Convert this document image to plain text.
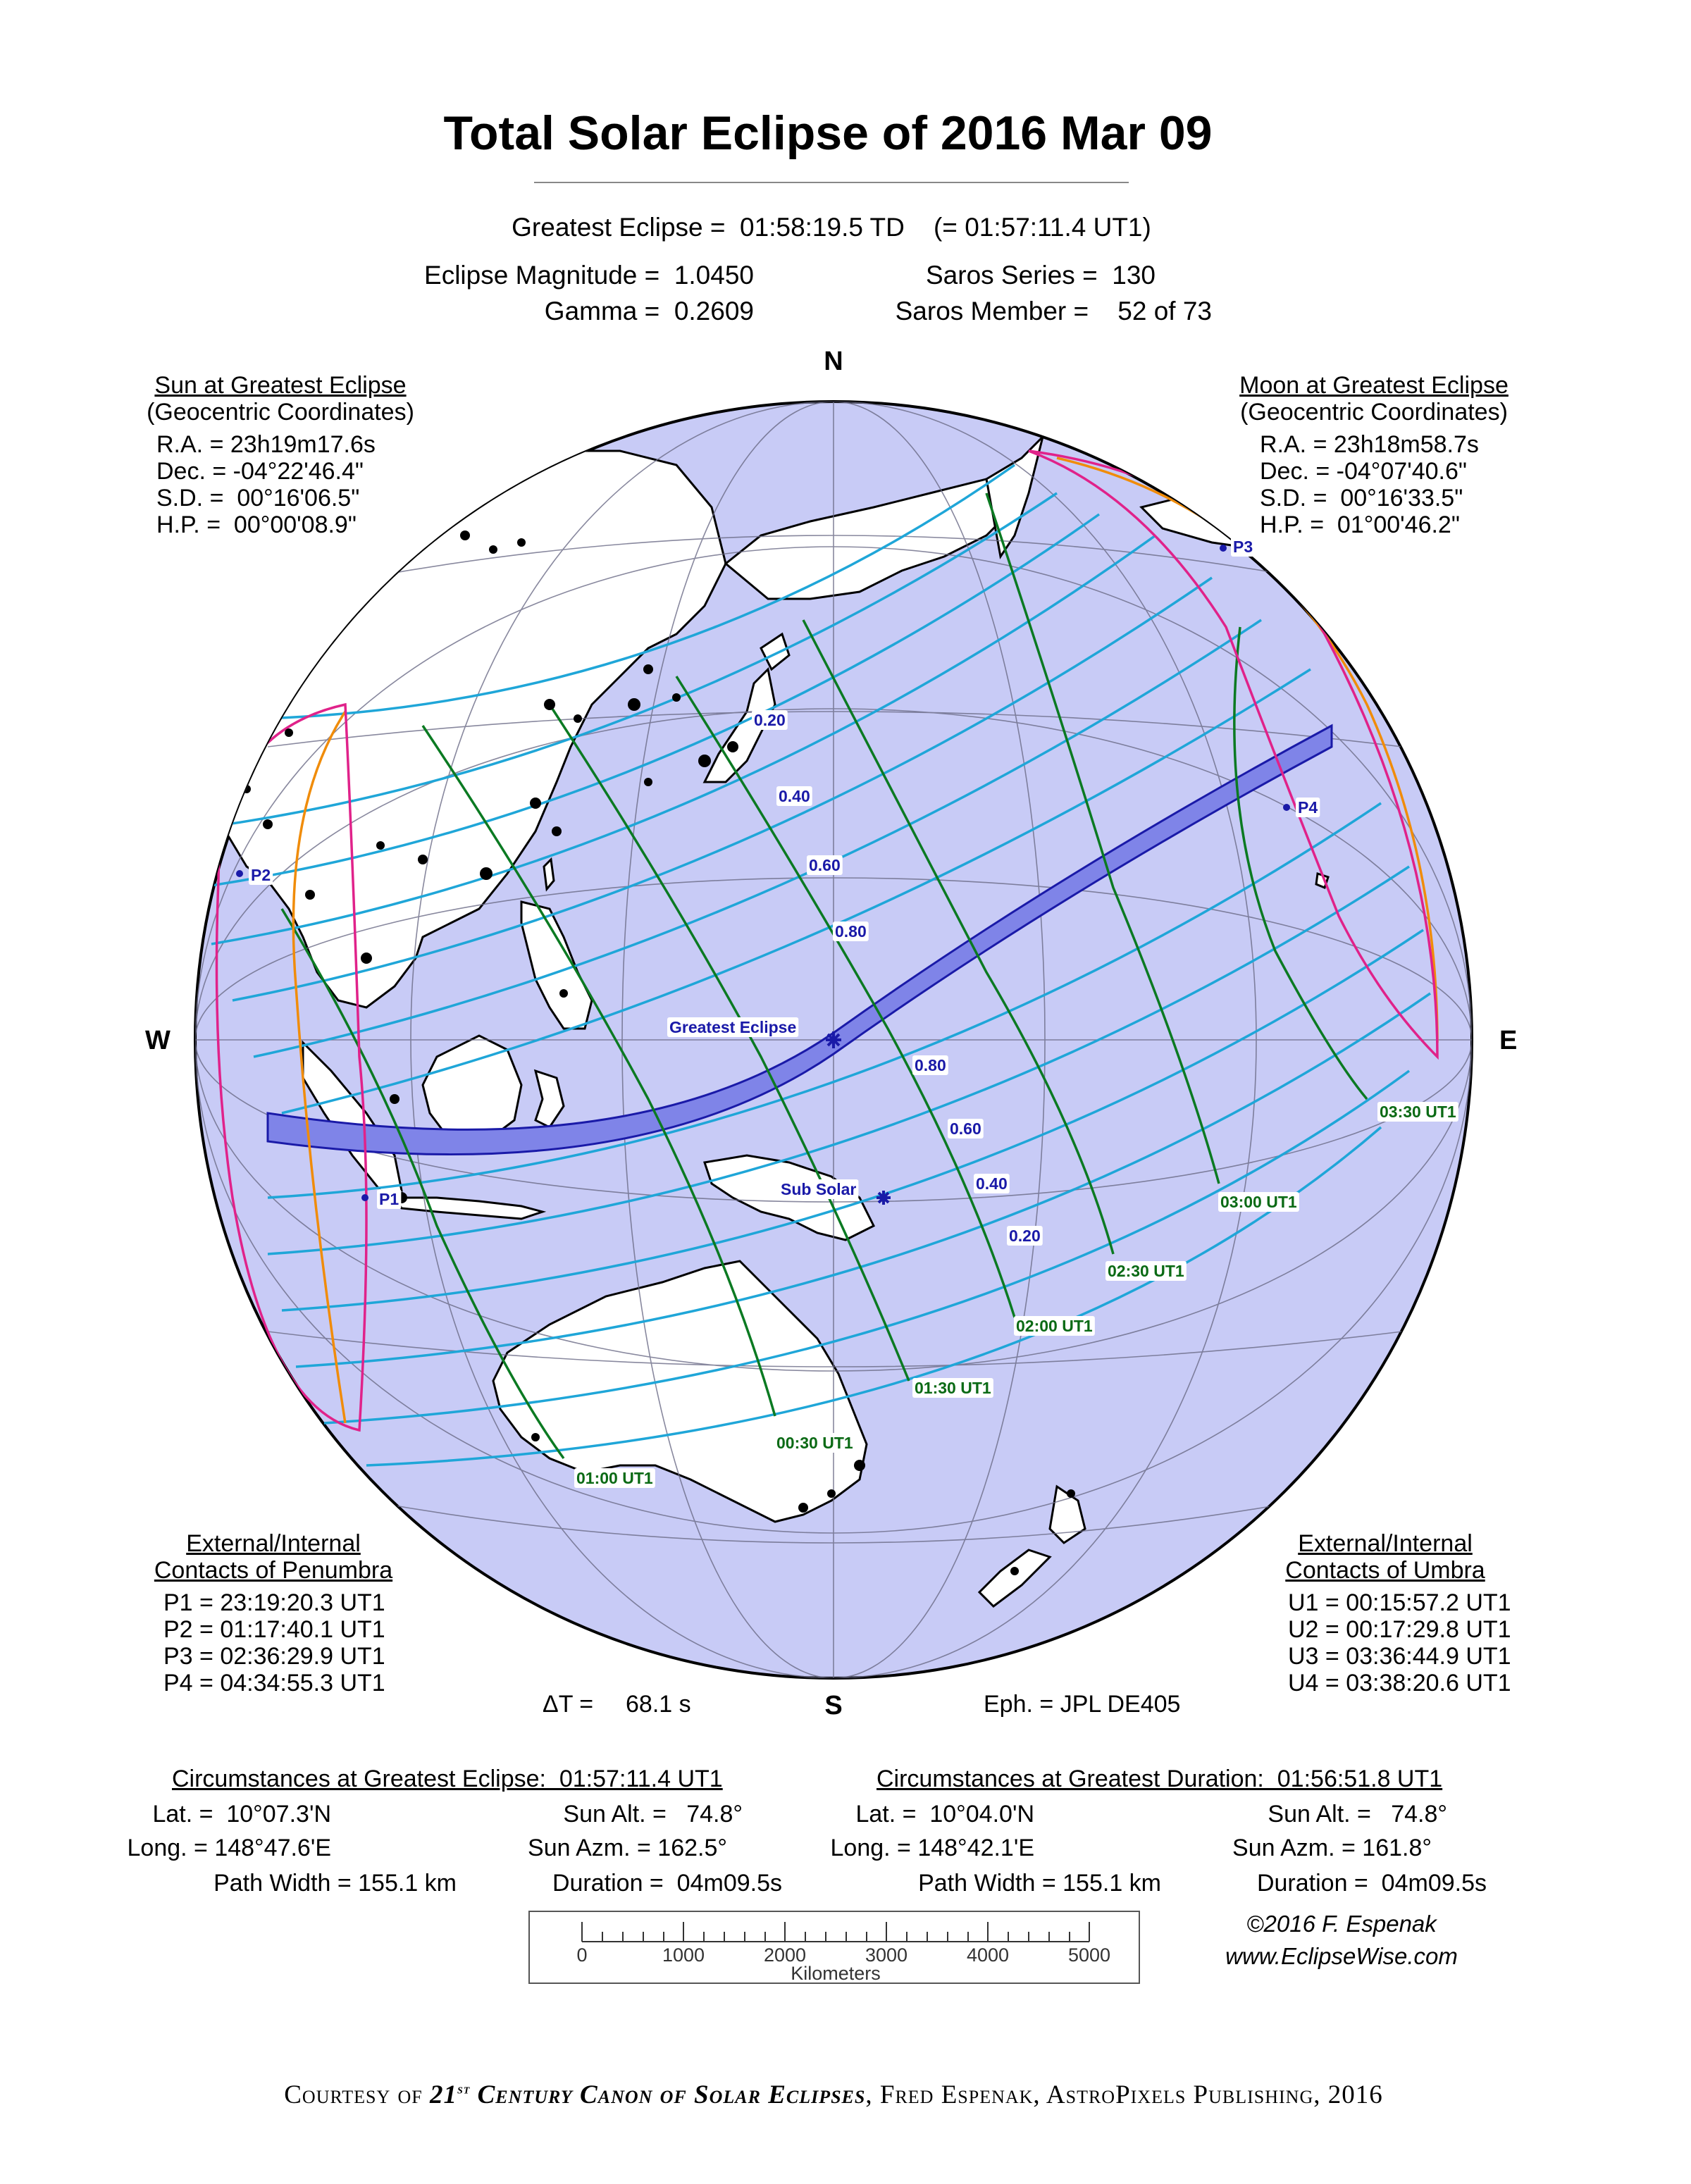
Total Solar Eclipse of 2016 Mar 09
Greatest Eclipse =  01:58:19.5 TD    (= 01:57:11.4 UT1)
Eclipse Magnitude =  1.0450
Gamma =  0.2609
Saros Series =  130
Saros Member =    52 of 73
Sun at Greatest Eclipse
(Geocentric Coordinates)
R.A. = 23h19m17.6s
Dec. = -04°22'46.4"
S.D. =  00°16'06.5"
H.P. =  00°00'08.9"
Moon at Greatest Eclipse
(Geocentric Coordinates)
R.A. = 23h18m58.7s
Dec. = -04°07'40.6"
S.D. =  00°16'33.5"
H.P. =  01°00'46.2"
N
S
W	E
0.20
0.40
0.60
0.80
0.80
0.60
0.40
0.20
P2
P1
P3
P4
Greatest Eclipse
Sub Solar
00:30 UT1
01:00 UT1
01:30 UT1
02:00 UT1
02:30 UT1
03:00 UT1
03:30 UT1
External/Internal
Contacts of Penumbra
P1 = 23:19:20.3 UT1
P2 = 01:17:40.1 UT1
P3 = 02:36:29.9 UT1
P4 = 04:34:55.3 UT1
External/Internal
Contacts of Umbra
U1 = 00:15:57.2 UT1
U2 = 00:17:29.8 UT1
U3 = 03:36:44.9 UT1
U4 = 03:38:20.6 UT1
ΔT = 68.1 s	Eph. = JPL DE405
Circumstances at Greatest Eclipse:  01:57:11.4 UT1
Lat. =  10°07.3'N
Long. = 148°47.6'E
Path Width = 155.1 km
Sun Alt. =   74.8°
Sun Azm. = 162.5°
Duration =  04m09.5s
Circumstances at Greatest Duration:  01:56:51.8 UT1
Lat. =  10°04.0'N
Long. = 148°42.1'E
Path Width = 155.1 km
Sun Alt. =   74.8°
Sun Azm. = 161.8°
Duration =  04m09.5s
0	1000	2000	3000	4000	5000
Kilometers
©2016 F. Espenak
www.EclipseWise.com
Courtesy of 21st Century Canon of Solar Eclipses, Fred Espenak, AstroPixels Publishing, 2016
